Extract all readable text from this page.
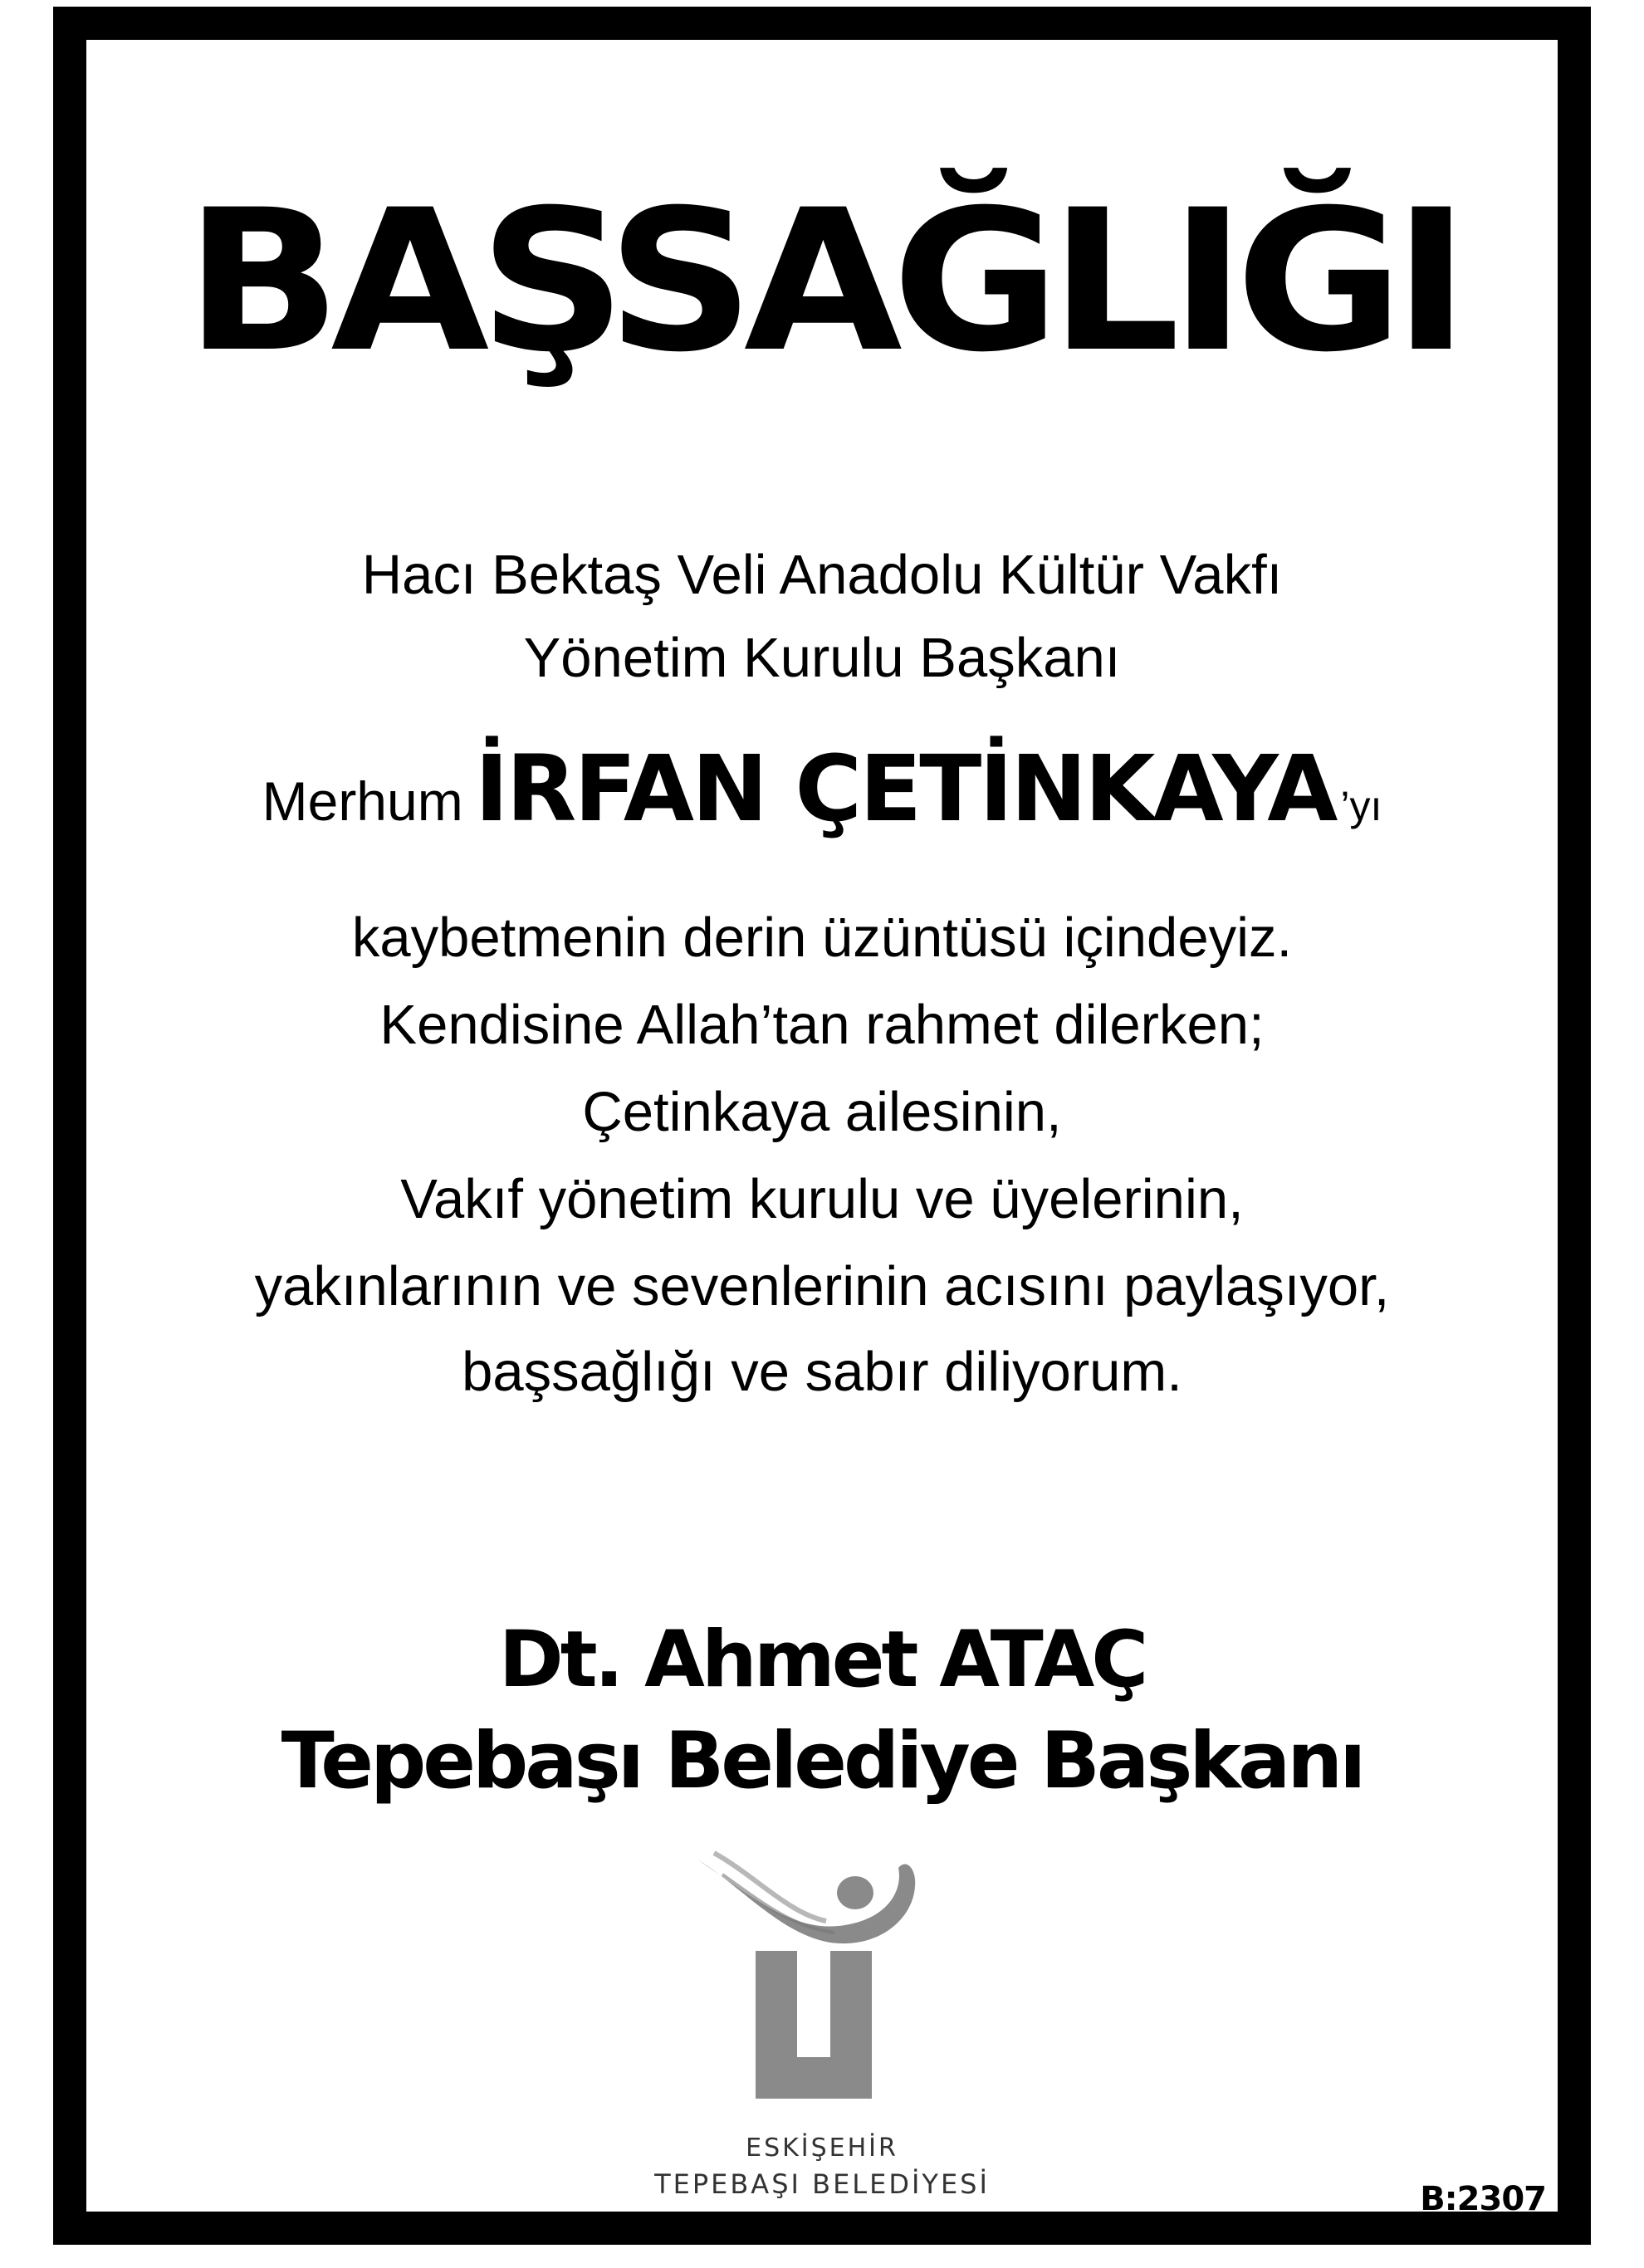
BAŞSAĞLIĞI
Hacı Bektaş Veli Anadolu Kültür Vakfı
Yönetim Kurulu Başkanı
Merhum İRFAN ÇETİNKAYA ’yı
kaybetmenin derin üzüntüsü içindeyiz.
Kendisine Allah’tan rahmet dilerken;
Çetinkaya ailesinin,
Vakıf yönetim kurulu ve üyelerinin,
yakınlarının ve sevenlerinin acısını paylaşıyor,
başsağlığı ve sabır diliyorum.
Dt. Ahmet ATAÇ
Tepebaşı Belediye Başkanı
ESKİŞEHİR
TEPEBAŞI BELEDİYESİ	B:2307
